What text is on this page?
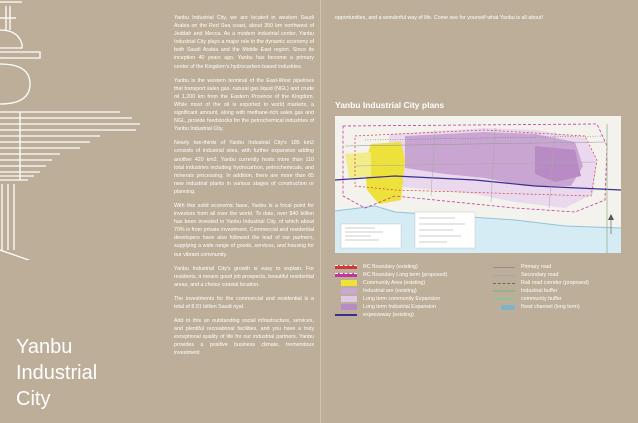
Yanbu
Industrial
City

Yanbu Industrial City, we are located in western Saudi Arabia on the Red Sea coast, about 350 km northwest of Jeddah and Mecca. As a modern industrial center, Yanbu Industrial City plays a major role in the dynamic economy of both Saudi Arabia and the Middle East region. Since its inception 40 years ago, Yanbu has become a primary center of the Kingdom's hydrocarbon-based industries.

Yanbu is the western terminal of the East-West pipelines that transport sales gas, natural gas liquid (NGL) and crude oil 1,200 km from the Eastern Province of the Kingdom. While most of the oil is exported to world markets, a significant amount, along with methane-rich sales gas and NGL, provide feedstocks for the petrochemical industries of Yanbu Industrial City.

Nearly two-thirds of Yanbu Industrial City's 185 km2 consists of industrial sites, with further expansion adding another 420 km2. Yanbu currently hosts more than 110 total industries including hydrocarbon, petrochemicals, and minerals processing. In addition, there are more than 65 new industrial plants in various stages of construction or planning.

With this solid economic base, Yanbu is a focal point for investors from all over the world. To date, over $40 billion has been invested in Yanbu Industrial City, of which about 70% is from private investment. Commercial and residential developers have also followed the lead of our partners, supplying a wide range of goods, services, and housing for our vibrant community.

Yanbu Industrial City's growth is easy to explain. For residents, it means good job prospects, beautiful residential areas, and a choice coastal location.

The investments for the commercial and residential is a total of 8.91 billion Saudi riyal.

Add to this an outstanding social infrastructure, services, and plentiful recreational facilities, and you have a truly exceptional quality of life for our industrial partners. Yanbu provides a positive business climate, tremendous investment

opportunities, and a wonderful way of life. Come see for yourself what Yanbu is all about!

Yanbu Industrial City plans
RC Boundary (existing)
RC Boundary Long term (proposed)
Community Area (existing)
Industrial are (existing)
Long term community Expansion
Long term Industrial Expansion
expressway (existing)
Primary road
Secondary road
Rail road corridor (proposed)
Industrial buffer
community buffer
flood channel (long term)
